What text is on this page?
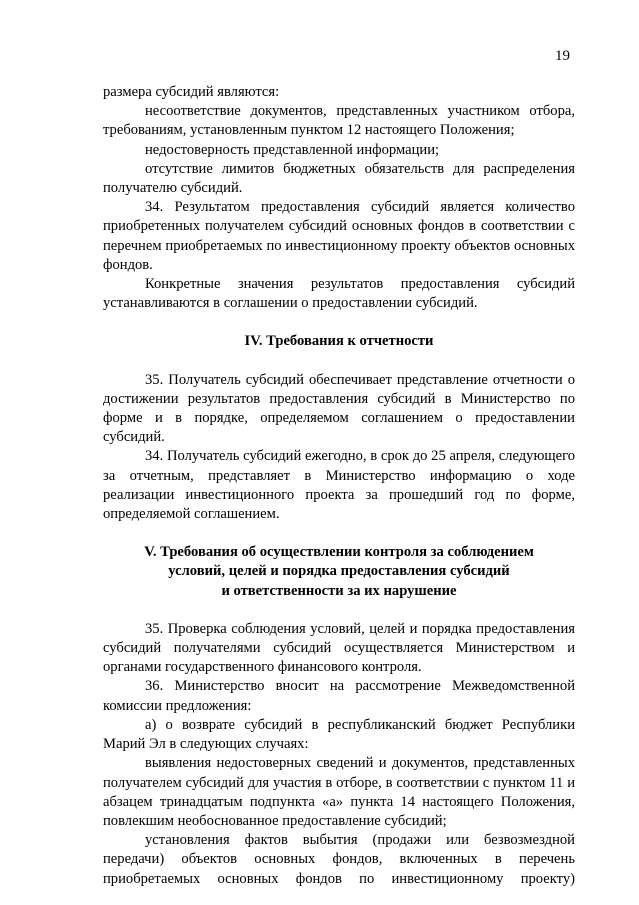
19

размера субсидий являются:

несоответствие документов, представленных участником отбора, требованиям, установленным пунктом 12 настоящего Положения;

недостоверность представленной информации;

отсутствие лимитов бюджетных обязательств для распределения получателю субсидий.

34. Результатом предоставления субсидий является количество приобретенных получателем субсидий основных фондов в соответствии с перечнем приобретаемых по инвестиционному проекту объектов основных фондов.

Конкретные значения результатов предоставления субсидий устанавливаются в соглашении о предоставлении субсидий.

IV. Требования к отчетности

35. Получатель субсидий обеспечивает представление отчетности о достижении результатов предоставления субсидий в Министерство по форме и в порядке, определяемом соглашением о предоставлении субсидий.

34. Получатель субсидий ежегодно, в срок до 25 апреля, следующего за отчетным, представляет в Министерство информацию о ходе реализации инвестиционного проекта за прошедший год по форме, определяемой соглашением.

V. Требования об осуществлении контроля за соблюдением
условий, целей и порядка предоставления субсидий
и ответственности за их нарушение

35. Проверка соблюдения условий, целей и порядка предоставления субсидий получателями субсидий осуществляется Министерством и органами государственного финансового контроля.

36. Министерство вносит на рассмотрение Межведомственной комиссии предложения:

а) о возврате субсидий в республиканский бюджет Республики Марий Эл в следующих случаях:

выявления недостоверных сведений и документов, представленных получателем субсидий для участия в отборе, в соответствии с пунктом 11 и абзацем тринадцатым подпункта «а» пункта 14 настоящего Положения, повлекшим необоснованное предоставление субсидий;

установления фактов выбытия (продажи или безвозмездной передачи) объектов основных фондов, включенных в перечень приобретаемых основных фондов по инвестиционному проекту)
